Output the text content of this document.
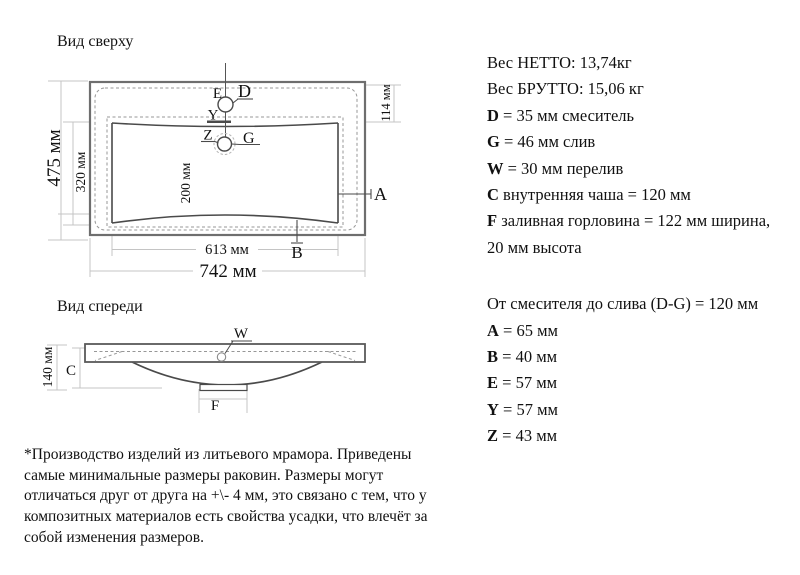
E D
Y
Z G
A
B
475 мм 320 мм	200 мм
114 мм
613 мм
742 мм
W
C
F
140 мм
Вид сверху
Вид спереди
Вес НЕТТО: 13,74кг
Вес БРУТТО: 15,06 кг
D = 35 мм смеситель
G = 46 мм слив
W = 30 мм перелив
C внутренняя чаша = 120 мм
F заливная горловина = 122 мм ширина,
20 мм высота
От смесителя до слива (D-G) = 120 мм
A = 65 мм
B = 40 мм
E = 57 мм
Y = 57 мм
Z = 43 мм
*Производство изделий из литьевого мрамора. Приведены самые минимальные размеры раковин. Размеры могут отличаться друг от друга на +\- 4 мм, это связано с тем, что у композитных материалов есть свойства усадки, что влечёт за собой изменения размеров.
